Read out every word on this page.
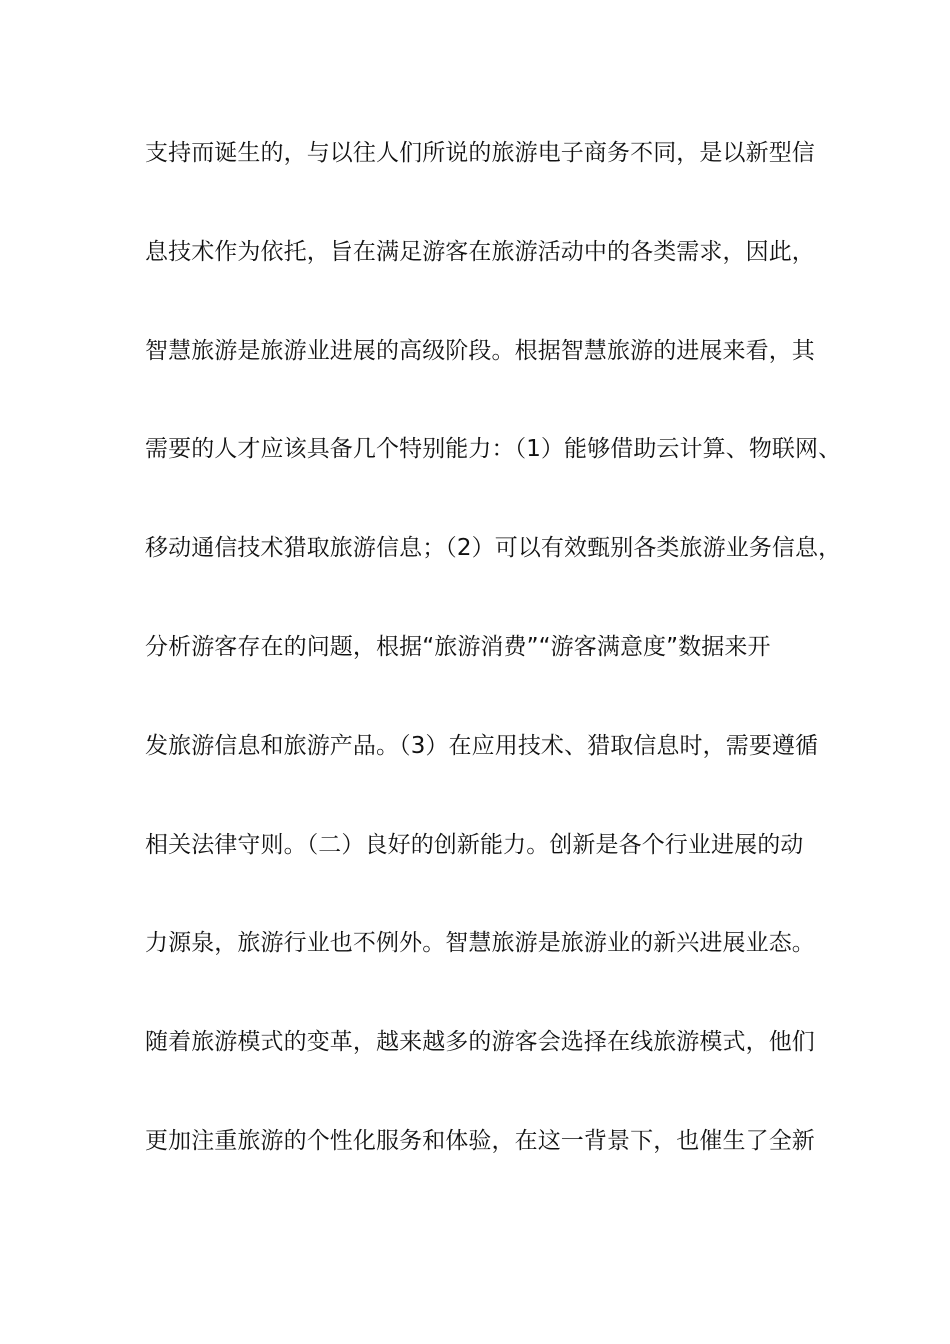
支持而诞生的，与以往人们所说的旅游电子商务不同，是以新型信

息技术作为依托，旨在满足游客在旅游活动中的各类需求，因此，

智慧旅游是旅游业进展的高级阶段。根据智慧旅游的进展来看，其

需要的人才应该具备几个特别能力：（1）能够借助云计算、物联网、

移动通信技术猎取旅游信息；（2）可以有效甄别各类旅游业务信息，

分析游客存在的问题，根据“旅游消费”“游客满意度”数据来开

发旅游信息和旅游产品。（3）在应用技术、猎取信息时，需要遵循

相关法律守则。（二）良好的创新能力。创新是各个行业进展的动

力源泉，旅游行业也不例外。智慧旅游是旅游业的新兴进展业态。

随着旅游模式的变革，越来越多的游客会选择在线旅游模式，他们

更加注重旅游的个性化服务和体验，在这一背景下，也催生了全新
